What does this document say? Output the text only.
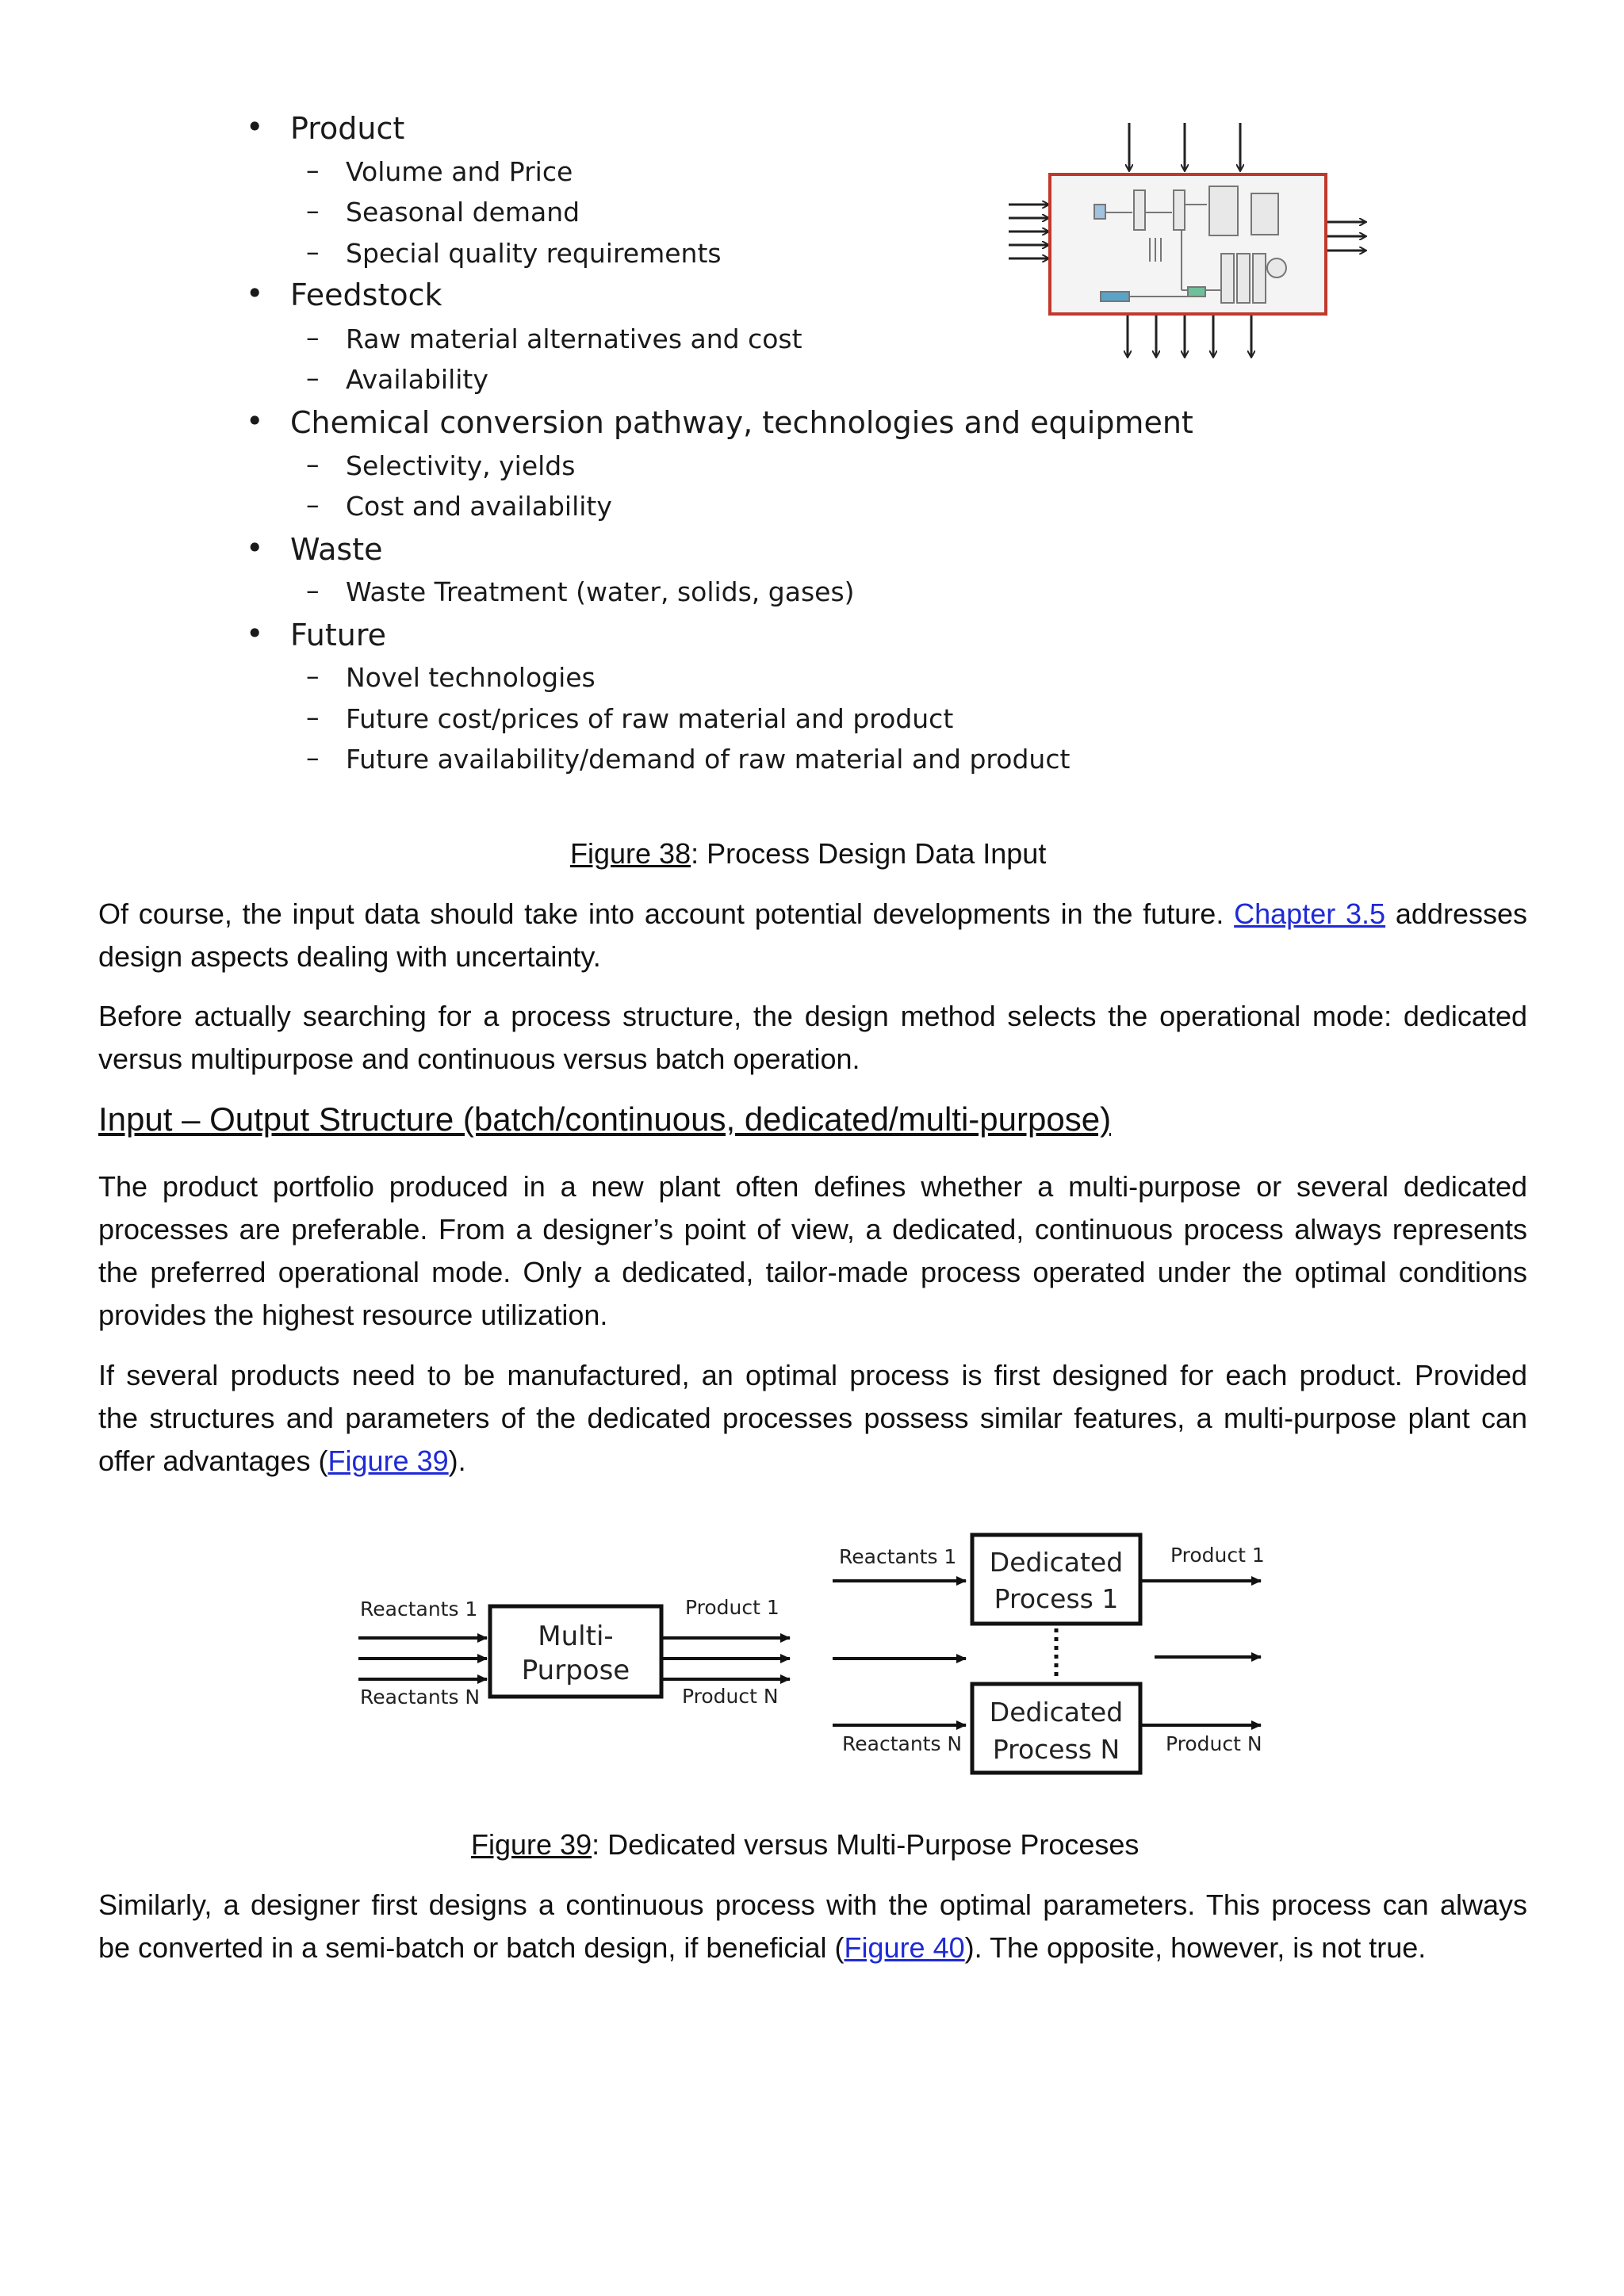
• Product
– Volume and Price
– Seasonal demand
– Special quality requirements
• Feedstock
– Raw material alternatives and cost
– Availability
• Chemical conversion pathway, technologies and equipment
– Selectivity, yields
– Cost and availability
• Waste
– Waste Treatment (water, solids, gases)
• Future
– Novel technologies
– Future cost/prices of raw material and product
– Future availability/demand of raw material and product
Figure 38: Process Design Data Input
Of course, the input data should take into account potential developments in the future. Chapter 3.5 addresses
design aspects dealing with uncertainty.
Before actually searching for a process structure, the design method selects the operational mode: dedicated
versus multipurpose and continuous versus batch operation.
Input – Output Structure (batch/continuous, dedicated/multi-purpose)
The product portfolio produced in a new plant often defines whether a multi-purpose or several dedicated
processes are preferable. From a designer’s point of view, a dedicated, continuous process always represents
the preferred operational mode. Only a dedicated, tailor-made process operated under the optimal conditions
provides the highest resource utilization.
If several products need to be manufactured, an optimal process is first designed for each product. Provided
the structures and parameters of the dedicated processes possess similar features, a multi-purpose plant can
offer advantages (Figure 39).
Reactants 1
Reactants N
Multi-
Purpose
Product 1
Product N
Reactants 1 Dedicated
Process 1
Product 1
Dedicated
Process N
Reactants N	Product N
Figure 39: Dedicated versus Multi-Purpose Proceses
Similarly, a designer first designs a continuous process with the optimal parameters. This process can always
be converted in a semi-batch or batch design, if beneficial (Figure 40). The opposite, however, is not true.
